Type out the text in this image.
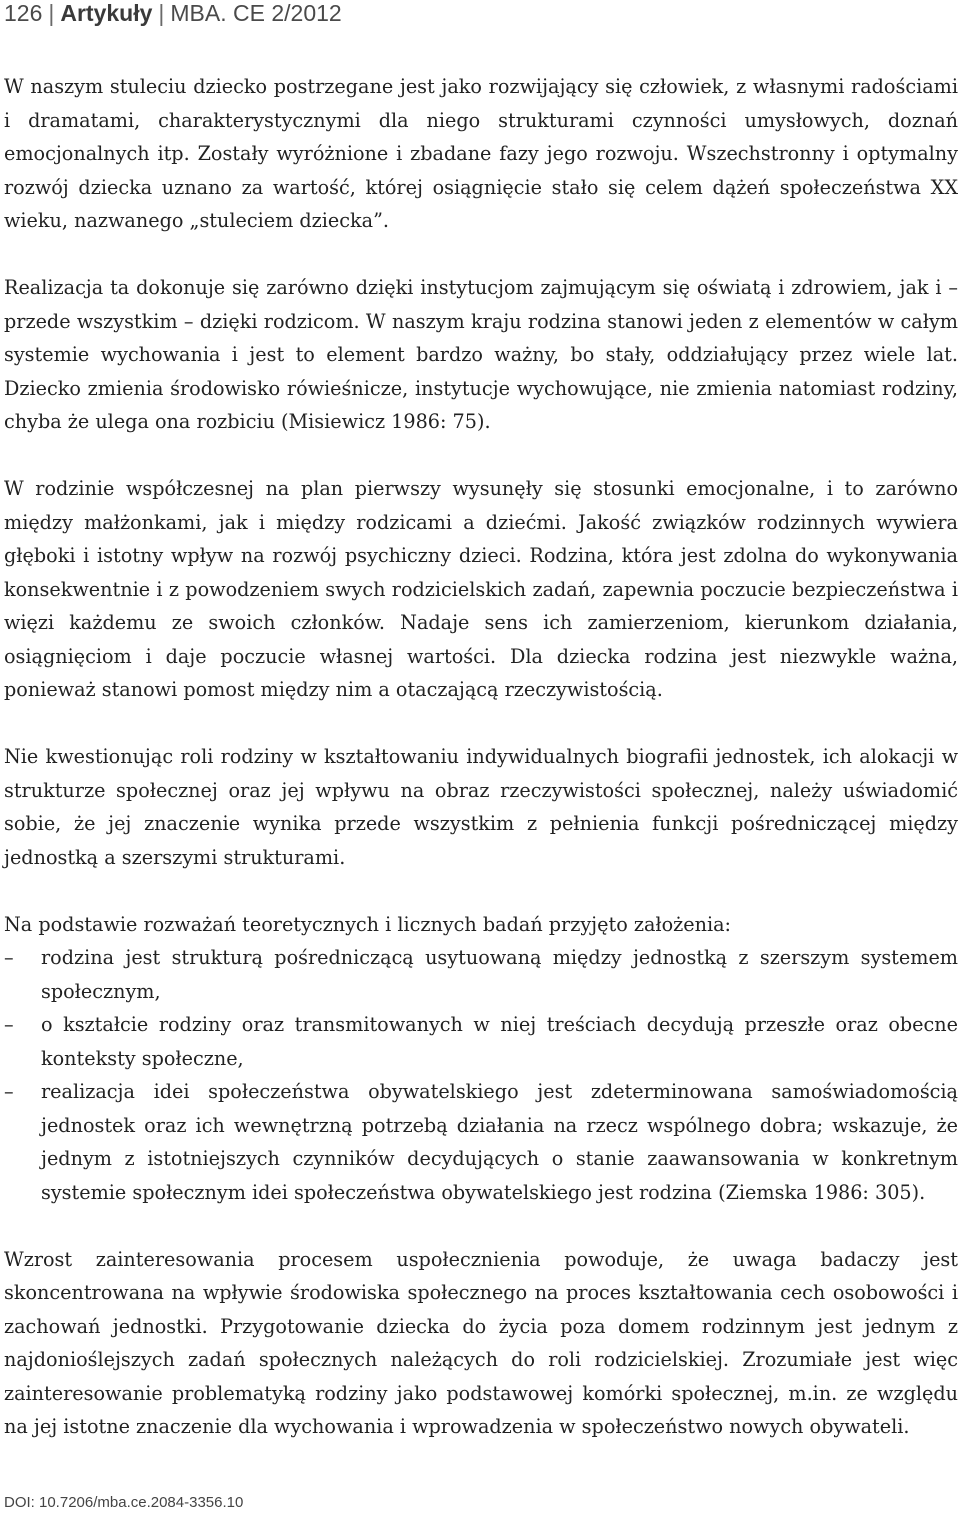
126 | Artykuły | MBA. CE 2/2012

W naszym stuleciu dziecko postrzegane jest jako rozwijający się człowiek, z własnymi radościami i dramatami, charakterystycznymi dla niego strukturami czynności umysłowych, doznań emocjonalnych itp. Zostały wyróżnione i zbadane fazy jego rozwoju. Wszechstronny i optymalny rozwój dziecka uznano za wartość, której osiągnięcie stało się celem dążeń społeczeństwa XX wieku, nazwanego „stuleciem dziecka”.

Realizacja ta dokonuje się zarówno dzięki instytucjom zajmującym się oświatą i zdrowiem, jak i – przede wszystkim – dzięki rodzicom. W naszym kraju rodzina stanowi jeden z elementów w całym systemie wychowania i jest to element bardzo ważny, bo stały, oddziałujący przez wiele lat. Dziecko zmienia środowisko rówieśnicze, instytucje wychowujące, nie zmienia natomiast rodziny, chyba że ulega ona rozbiciu (Misiewicz 1986: 75).

W rodzinie współczesnej na plan pierwszy wysunęły się stosunki emocjonalne, i to zarówno między małżonkami, jak i między rodzicami a dziećmi. Jakość związków rodzinnych wywiera głęboki i istotny wpływ na rozwój psychiczny dzieci. Rodzina, która jest zdolna do wykonywania konsekwentnie i z powodzeniem swych rodzicielskich zadań, zapewnia poczucie bezpieczeństwa i więzi każdemu ze swoich członków. Nadaje sens ich zamierzeniom, kierunkom działania, osiągnięciom i daje poczucie własnej wartości. Dla dziecka rodzina jest niezwykle ważna, ponieważ stanowi pomost między nim a otaczającą rzeczywistością.

Nie kwestionując roli rodziny w kształtowaniu indywidualnych biografii jednostek, ich alokacji w strukturze społecznej oraz jej wpływu na obraz rzeczywistości społecznej, należy uświadomić sobie, że jej znaczenie wynika przede wszystkim z pełnienia funkcji pośredniczącej między jednostką a szerszymi strukturami.

Na podstawie rozważań teoretycznych i licznych badań przyjęto założenia:

– rodzina jest strukturą pośredniczącą usytuowaną między jednostką z szerszym systemem społecznym,
– o kształcie rodziny oraz transmitowanych w niej treściach decydują przeszłe oraz obecne konteksty społeczne,
– realizacja idei społeczeństwa obywatelskiego jest zdeterminowana samoświadomością jednostek oraz ich wewnętrzną potrzebą działania na rzecz wspólnego dobra; wskazuje, że jednym z istotniejszych czynników decydujących o stanie zaawansowania w konkretnym systemie społecznym idei społeczeństwa obywatelskiego jest rodzina (Ziemska 1986: 305).

Wzrost zainteresowania procesem uspołecznienia powoduje, że uwaga badaczy jest skoncentrowana na wpływie środowiska społecznego na proces kształtowania cech osobowości i zachowań jednostki. Przygotowanie dziecka do życia poza domem rodzinnym jest jednym z najdonioślejszych zadań społecznych należących do roli rodzicielskiej. Zrozumiałe jest więc zainteresowanie problematyką rodziny jako podstawowej komórki społecznej, m.in. ze względu na jej istotne znaczenie dla wychowania i wprowadzenia w społeczeństwo nowych obywateli.

DOI: 10.7206/mba.ce.2084-3356.10
